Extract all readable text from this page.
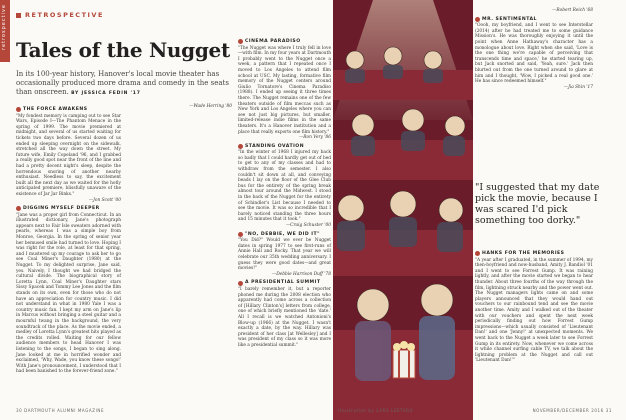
retrospective	RETROSPECTIVE
Tales of the Nugget

In its 100-year history, Hanover's local movie theater has occasionally produced more drama and comedy in the seats than onscreen. BY JESSICA FEDIN '17

THE FORCE AWAKENS
"My fondest memory is camping out to see Star Wars, Episode I—The Phantom Menace in the spring of 1999. The movie premiered at midnight, and several of us started waiting for tickets two days before. Several dozen of us ended up sleeping overnight on the sidewalk, stretched all the way down the street. My future wife, Emily Copeland '96, and I grabbed a really good spot near the front of the line and had a pretty decent night's sleep, despite the horrendous snoring of another nearby enthusiast. Needless to say, the excitement built all the next day as we waited for the hotly anticipated premiere, blissfully unaware of the existence of Jar Jar Binks."
—Jon Scott '00
DIGGING MYSELF DEEPER
"Jane was a proper girl from Connecticut. In an illustrated dictionary, Jane's photograph appears next to Fair Isle sweaters adorned with pearls, whereas I was a simple boy from Monroe, Georgia. In the spring of senior year her bemused smile had turned to love. Hoping I was right for the role, at least for that spring, and I mustered up my courage to ask her to go see Coal Miner's Daughter (1980) at the Nugget. To my delighted surprise, Jane said, yes. Naively, I thought we had bridged the cultural divide. The biographical story of Loretta Lynn, Coal Miner's Daughter stars Sissy Spacek and Tommy Lee Jones and the film stands on its own, even for those who do not have an appreciation for country music. I did not understand in what in 1980 Yale I was a country music fan. I kept my arm on Jane's lip in Marcus without bringing a steel guitar and a mournful twang in the background, the very soundtrack of the place. As the movie ended, a medley of Loretta Lynn's greatest hits played as the credits rolled. Waiting for our fellow audience members to head Hanover I was listening to the songs, I began to sing along. Jane looked at me in horrified wonder and exclaimed, 'Why, Wade, you know these songs!' With Jane's pronouncement, I understood that I had been banished to the forever-friend zone."
—Wade Herring '80
CINEMA PARADISO
"The Nugget was where I truly fell in love—with film. In my four years at Dartmouth I probably went to the Nugget once a week, a pattern that I repeated once I moved to Los Angeles to attend film school at USC. My lasting, formative film memory of the Nugget centers around Giulio Tornatore's Cinema Paradiso (1988). I ended up seeing it three times there. The Nugget remains one of the few theaters outside of film meccas such as New York and Los Angeles where you can see not just big pictures, but smaller, limited-release indie films in the same theaters. It's a Hanover institution and a place that really exports one film history."
—Ron Very '86
STANDING OVATION
"In the winter of 1968 I injured my back so badly that I could hardly get out of bed to get to any of my classes and had to withdraw from the semester. I also couldn't sit down at all, and conveying beads I lay on the floor of the Glee Club bus for the entirety of the spring break almost tour around the Midwest. I stood in the back of the Nugget for the entirety of Schindler's List because I needed to see the movie. It was so incredible that I barely noticed standing the three hours and 15 minutes that it took."
—Craig Schuster '00
"NO, DEBBIE, WE DID IT"
"You Did?" Would we ever be Nugget dates in spring 1977 to see first-runs of Annie Hall and Rocky. That year we will celebrate our 35th wedding anniversary. I guess they were good dates—and great movies!"
—Debbie Harrison Duff '78
A PRESIDENTIAL SUMMIT
"I barely remember it, but a reporter phoned me during the 2008 election who apparently had come across a collection of [Hillary Clinton's] letters from college, one of which briefly mentioned the 'date.' All I recall is we watched Antonioni's Blow-up (1966) at the Nugget. I wasn't exactly a date, by the way. Hillary was president of her class [at Wellesley] and I was president of my class so it was more like a presidential summit."
—Robert Reich '68
MR. SENTIMENTAL
"Oooh, my boyfriend, and I went to see Interstellar (2014) after he had treated me to some guidance Mission's. He was thoroughly enjoying it until the point when Anne Hathaway's character has a monologue about love. Right when she said, 'Love is the one thing we're capable of perceiving that transcends time and space,' he started tearing up, but Jack snorted and said, 'Yeah, sure.' Jack then blurted out from the one turned around to glare at him and I thought, 'Wow, I picked a real good one.' He has since redeemed himself."
—Jia Shin '17

"I suggested that my date pick the movie, because I was scared I'd pick something too dorky."

HANKS FOR THE MEMORIES
"A year after I graduated, in the summer of 1994, my then-boyfriend and now-husband, Amity J. Bandiol '01 and I went to see Forrest Gump. It was raining lightly, and after the movie started we began to hear thunder. About three fourths of the way through the film, lightning struck nearby and the power went out. The Nugget managers lights came on and some players announced that they would hand out vouchers to our rainbound tend and see the movie another time. Amity and I walked out of the theater with our vouchers and spent the next week periodically finding out how Forrest Gump impressions—which usually consisted of 'Lieutenant Dan!' and one 'Jenny!' at unexpected moments. We went back to the Nugget a week later to see Forrest Gump in its entirety. Now, whenever we come across it while channel surfing cable TV, we talk about the lightning problem at the Nugget and call out 'Lieutenant Dan!'"
30 DARTMOUTH ALUMNI MAGAZINE	Illustration by LARS LEETARU	NOVEMBER/DECEMBER 2016 31
